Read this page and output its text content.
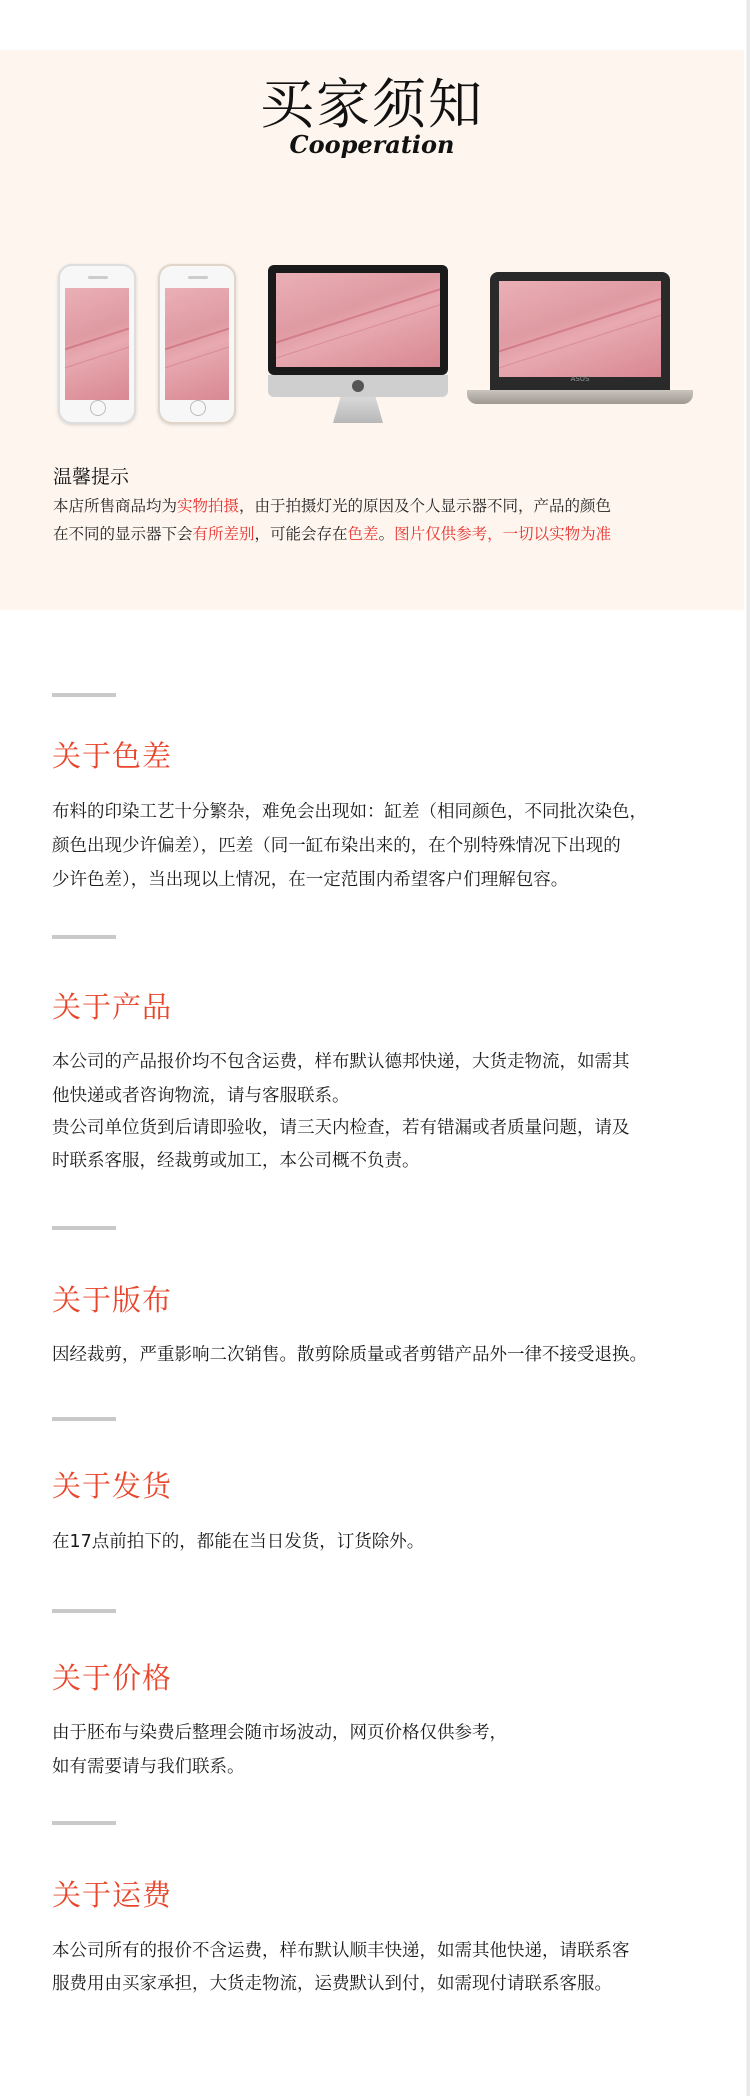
买家须知
Cooperation
ASUS
温馨提示
本店所售商品均为实物拍摄，由于拍摄灯光的原因及个人显示器不同，产品的颜色
在不同的显示器下会有所差别，可能会存在色差。图片仅供参考，一切以实物为准
关于色差
布料的印染工艺十分繁杂，难免会出现如：缸差（相同颜色，不同批次染色，
颜色出现少许偏差），匹差（同一缸布染出来的，在个别特殊情况下出现的
少许色差），当出现以上情况，在一定范围内希望客户们理解包容。
关于产品
本公司的产品报价均不包含运费，样布默认德邦快递，大货走物流，如需其
他快递或者咨询物流，请与客服联系。
贵公司单位货到后请即验收，请三天内检查，若有错漏或者质量问题，请及
时联系客服，经裁剪或加工，本公司概不负责。
关于版布
因经裁剪，严重影响二次销售。散剪除质量或者剪错产品外一律不接受退换。
关于发货
在17点前拍下的，都能在当日发货，订货除外。
关于价格
由于胚布与染费后整理会随市场波动，网页价格仅供参考，
如有需要请与我们联系。
关于运费
本公司所有的报价不含运费，样布默认顺丰快递，如需其他快递，请联系客
服费用由买家承担，大货走物流，运费默认到付，如需现付请联系客服。
